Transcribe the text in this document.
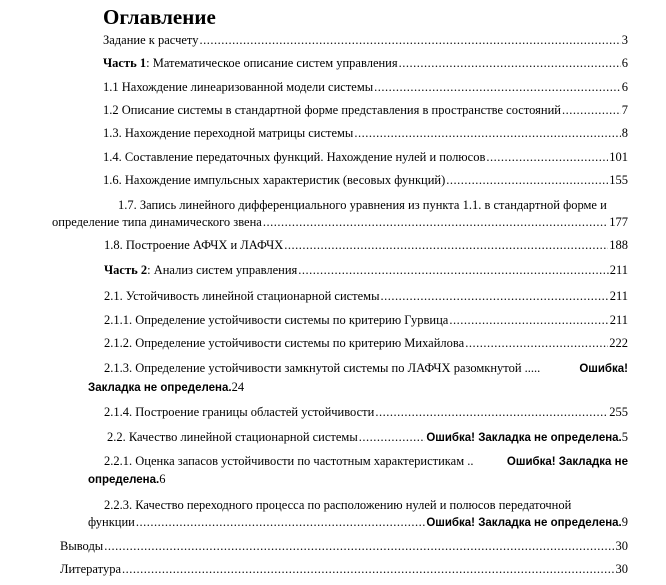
Оглавление
Задание к расчету .....	3
Часть 1 : Математическое описание систем управления .....	6
1.1 Нахождение линеаризованной модели системы .....	6
1.2 Описание системы в стандартной форме представления в пространстве состояний .....	7
1.3. Нахождение переходной матрицы системы .....	8
1.4. Составление передаточных функций. Нахождение нулей и полюсов .....	101
1.6. Нахождение импульсных характеристик (весовых функций) .....	155
1.7. Запись линейного дифференциального уравнения из пункта 1.1. в стандартной форме и
определение типа динамического звена .....	177
1.8. Построение АФЧХ и ЛАФЧХ .....	188
Часть 2 : Анализ систем управления .....	211
2.1. Устойчивость линейной стационарной системы .....	211
2.1.1. Определение устойчивости системы по критерию Гурвица .....	211
2.1.2. Определение устойчивости системы по критерию Михайлова .....	222
2.1.3. Определение устойчивости замкнутой системы по ЛАФЧХ разомкнутой .....	Ошибка!
Закладка не определена. 24
2.1.4. Построение границы областей устойчивости .....	255
2.2. Качество линейной стационарной системы .....	Ошибка! Закладка не определена. 5
2.2.1. Оценка запасов устойчивости по частотным характеристикам ..	Ошибка! Закладка не
определена. 6
2.2.3. Качество переходного процесса по расположению нулей и полюсов передаточной
функции .....	Ошибка! Закладка не определена. 9
Выводы .....	30
Литература .....	30
